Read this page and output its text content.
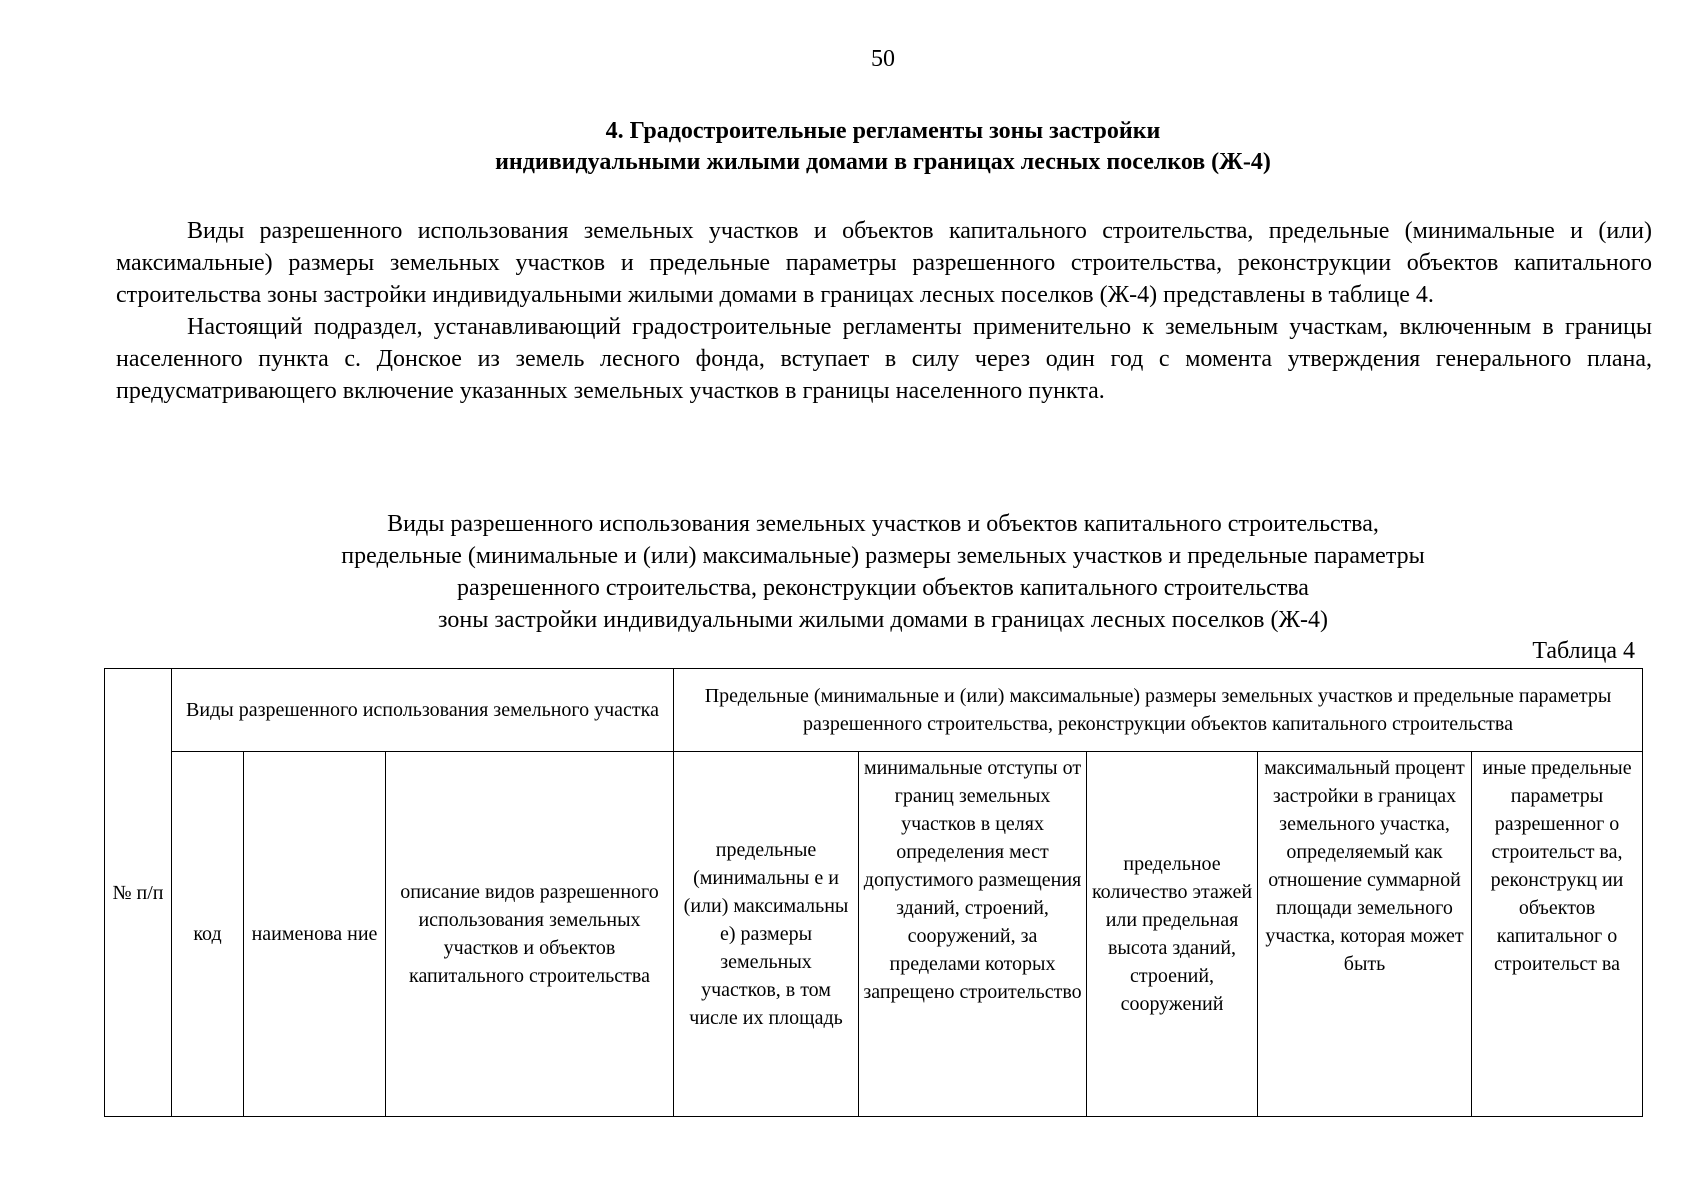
50
4. Градостроительные регламенты зоны застройки
индивидуальными жилыми домами в границах лесных поселков (Ж-4)

Виды разрешенного использования земельных участков и объектов капитального строительства, предельные (минимальные и (или) максимальные) размеры земельных участков и предельные параметры разрешенного строительства, реконструкции объектов капитального строительства зоны застройки индивидуальными жилыми домами в границах лесных поселков (Ж-4) представлены в таблице 4.

Настоящий подраздел, устанавливающий градостроительные регламенты применительно к земельным участкам, включенным в границы населенного пункта с. Донское из земель лесного фонда, вступает в силу через один год с момента утверждения генерального плана, предусматривающего включение указанных земельных участков в границы населенного пункта.

Виды разрешенного использования земельных участков и объектов капитального строительства,
предельные (минимальные и (или) максимальные) размеры земельных участков и предельные параметры
разрешенного строительства, реконструкции объектов капитального строительства
зоны застройки индивидуальными жилыми домами в границах лесных поселков (Ж-4)
Таблица 4
№ п/п	Виды разрешенного использования земельного участка			Предельные (минимальные и (или) максимальные) размеры земельных участков и предельные параметры разрешенного строительства, реконструкции объектов капитального строительства				
	код	наименова ние	описание видов разрешенного использования земельных участков и объектов капитального строительства	предельные (минимальны е и (или) максимальны е) размеры земельных участков, в том числе их площадь	минимальные отступы от границ земельных участков в целях определения мест допустимого размещения зданий, строений, сооружений, за пределами которых запрещено строительство	предельное количество этажей или предельная высота зданий, строений, сооружений	максимальный процент застройки в границах земельного участка, определяемый как отношение суммарной площади земельного участка, которая может быть	иные предельные параметры разрешенног о строительст ва, реконструкц ии объектов капитальног о строительст ва
